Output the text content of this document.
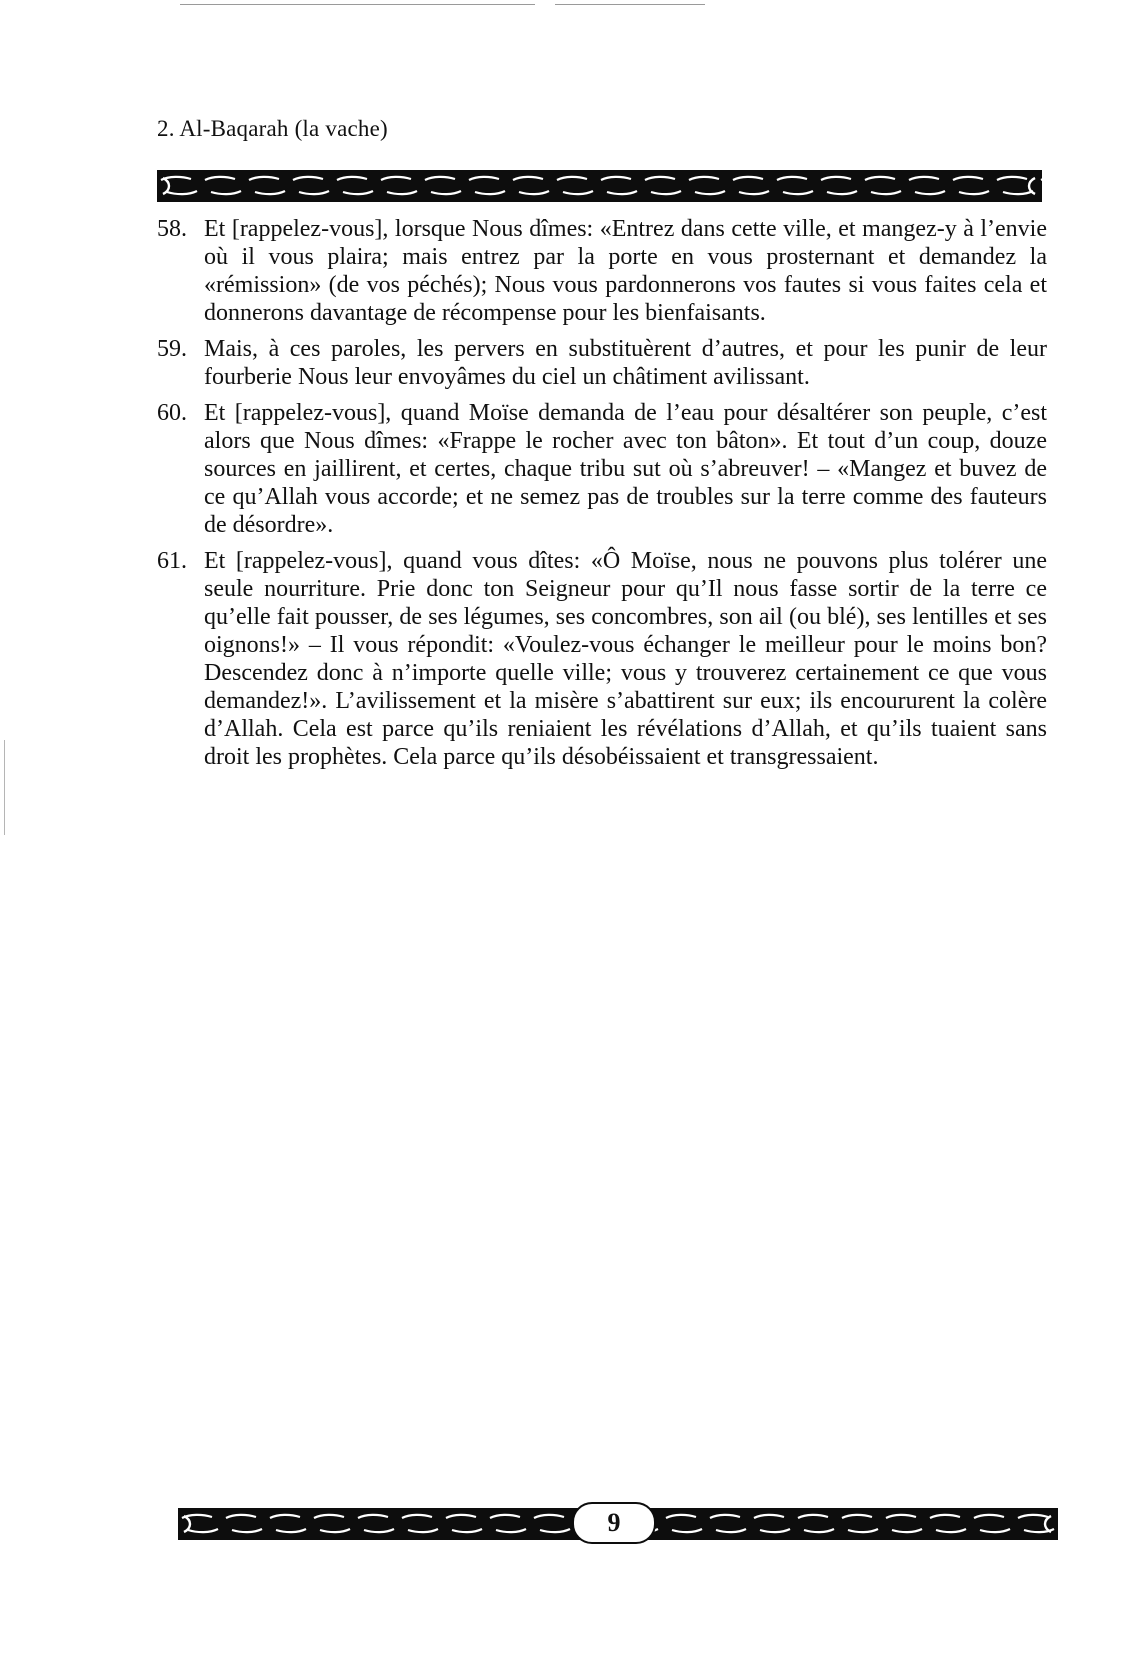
2. Al-Baqarah (la vache)
58. Et [rappelez-vous], lorsque Nous dîmes: «Entrez dans cette ville, et mangez-y à l’envie où il vous plaira; mais entrez par la porte en vous prosternant et demandez la «rémission» (de vos péchés); Nous vous pardonnerons vos fautes si vous faites cela et donnerons davantage de récompense pour les bienfaisants.
59. Mais, à ces paroles, les pervers en substituèrent d’autres, et pour les punir de leur fourberie Nous leur envoyâmes du ciel un châtiment avilissant.
60. Et [rappelez-vous], quand Moïse demanda de l’eau pour désaltérer son peuple, c’est alors que Nous dîmes: «Frappe le rocher avec ton bâton». Et tout d’un coup, douze sources en jaillirent, et certes, chaque tribu sut où s’abreuver! – «Mangez et buvez de ce qu’Allah vous accorde; et ne semez pas de troubles sur la terre comme des fauteurs de désordre».
61. Et [rappelez-vous], quand vous dîtes: «Ô Moïse, nous ne pouvons plus tolérer une seule nourriture. Prie donc ton Seigneur pour qu’Il nous fasse sortir de la terre ce qu’elle fait pousser, de ses légumes, ses concombres, son ail (ou blé), ses lentilles et ses oignons!» – Il vous répondit: «Voulez-vous échanger le meilleur pour le moins bon? Descendez donc à n’importe quelle ville; vous y trouverez certainement ce que vous demandez!». L’avilissement et la misère s’abattirent sur eux; ils encoururent la colère d’Allah. Cela est parce qu’ils reniaient les révélations d’Allah, et qu’ils tuaient sans droit les prophètes. Cela parce qu’ils désobéissaient et transgressaient.
9
